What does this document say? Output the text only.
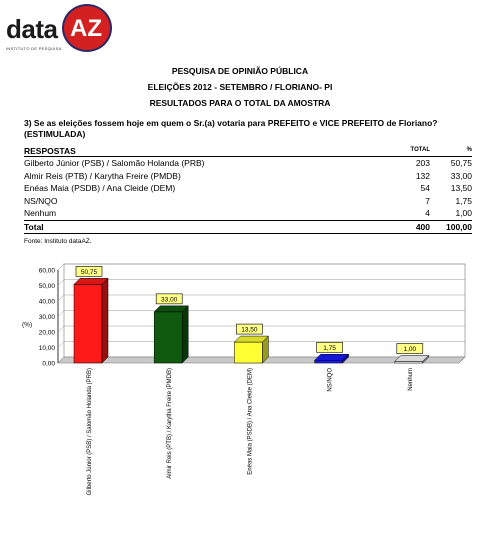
data AZ
INSTITUTO DE PESQUISA
PESQUISA DE OPINIÃO PÚBLICA
ELEIÇÕES 2012 - SETEMBRO / FLORIANO- PI
RESULTADOS PARA O TOTAL DA AMOSTRA
3) Se as eleições fossem hoje em quem o Sr.(a) votaria para PREFEITO e VICE PREFEITO de Floriano? (ESTIMULADA)
RESPOSTAS	TOTAL	%
Gilberto Júnior (PSB) / Salomão Holanda (PRB)	203 50,75
Almir Reis (PTB) / Karytha Freire (PMDB)	132 33,00
Enéas Maia (PSDB) / Ana Cleide (DEM)	54 13,50
NS/NQO	7	1,75
Nenhum	4	1,00
Total	400 100,00
Fonte: Instituto dataAZ.
0,00
10,00
20,00
30,00
40,00
50,00
60,00
(%)
50,75
Gilberto Júnior (PSB) / Salomão Holanda (PRB)
33,00
Almir Reis (PTB) / Karytha Freire (PMDB)
13,50
Enéas Maia (PSDB) / Ana Cleide (DEM)
1,75
NS/NQO
1,00
Nenhum
